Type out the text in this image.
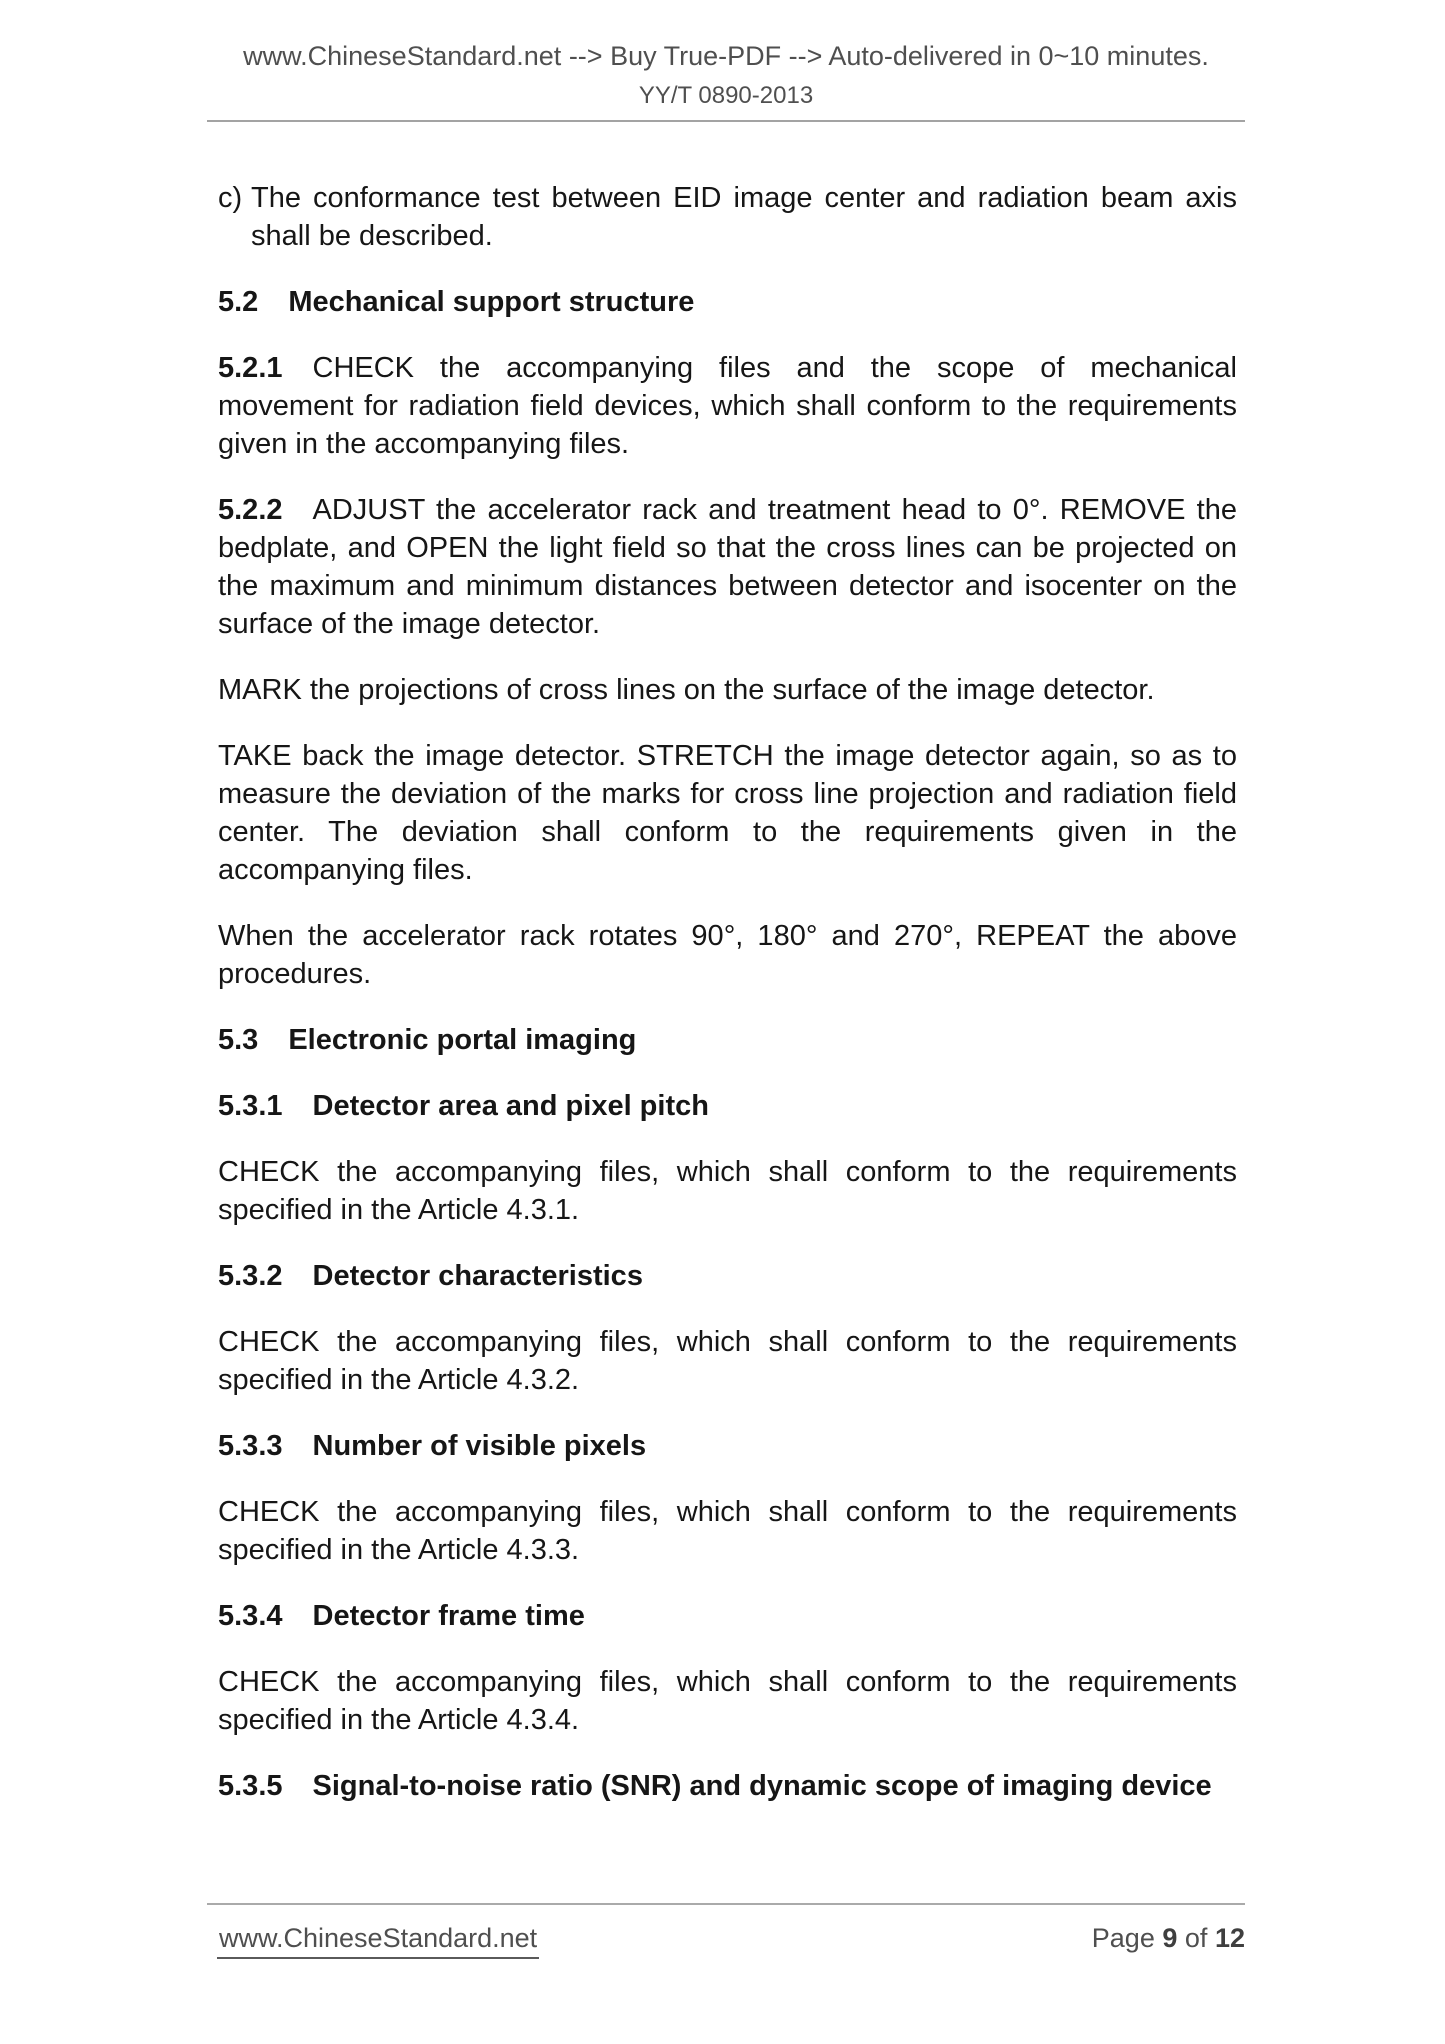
www.ChineseStandard.net --> Buy True-PDF --> Auto-delivered in 0~10 minutes.
YY/T 0890-2013

c) The conformance test between EID image center and radiation beam axis shall be described.

5.2 Mechanical support structure

5.2.1 CHECK the accompanying files and the scope of mechanical movement for radiation field devices, which shall conform to the requirements given in the accompanying files.

5.2.2 ADJUST the accelerator rack and treatment head to 0°. REMOVE the bedplate, and OPEN the light field so that the cross lines can be projected on the maximum and minimum distances between detector and isocenter on the surface of the image detector.

MARK the projections of cross lines on the surface of the image detector.

TAKE back the image detector. STRETCH the image detector again, so as to measure the deviation of the marks for cross line projection and radiation field center. The deviation shall conform to the requirements given in the accompanying files.

When the accelerator rack rotates 90°, 180° and 270°, REPEAT the above procedures.

5.3 Electronic portal imaging

5.3.1 Detector area and pixel pitch

CHECK the accompanying files, which shall conform to the requirements specified in the Article 4.3.1.

5.3.2 Detector characteristics

CHECK the accompanying files, which shall conform to the requirements specified in the Article 4.3.2.

5.3.3 Number of visible pixels

CHECK the accompanying files, which shall conform to the requirements specified in the Article 4.3.3.

5.3.4 Detector frame time

CHECK the accompanying files, which shall conform to the requirements specified in the Article 4.3.4.

5.3.5 Signal-to-noise ratio (SNR) and dynamic scope of imaging device

www.ChineseStandard.net	Page 9 of 12
